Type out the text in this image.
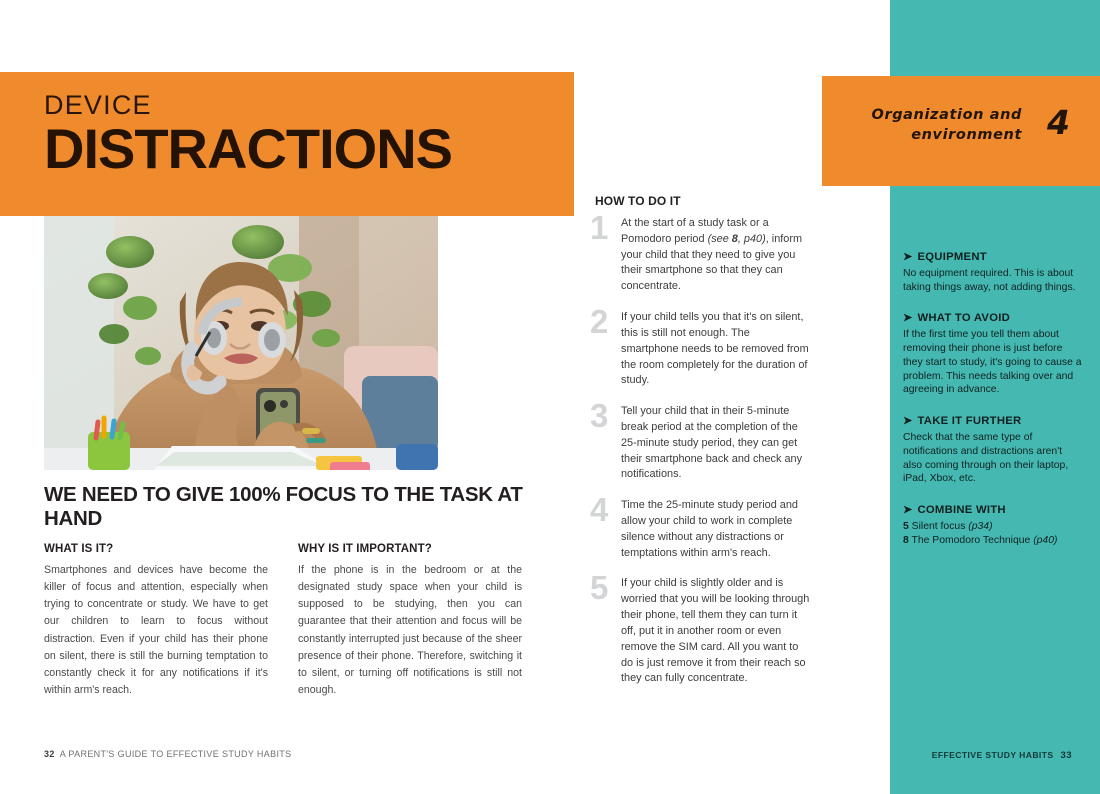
DEVICE
DISTRACTIONS
WE NEED TO GIVE 100% FOCUS TO THE TASK AT HAND
WHAT IS IT?

Smartphones and devices have become the killer of focus and attention, especially when trying to concentrate or study. We have to get our children to learn to focus without distraction. Even if your child has their phone on silent, there is still the burning temptation to constantly check it for any notifications if it's within arm's reach.

WHY IS IT IMPORTANT?

If the phone is in the bedroom or at the designated study space when your child is supposed to be studying, then you can guarantee that their attention and focus will be constantly interrupted just because of the sheer presence of their phone. Therefore, switching it to silent, or turning off notifications is still not enough.

32 A PARENT'S GUIDE TO EFFECTIVE STUDY HABITS
HOW TO DO IT
1 At the start of a study task or a Pomodoro period (see 8, p40), inform your child that they need to give you their smartphone so that they can concentrate.

2 If your child tells you that it's on silent, this is still not enough. The smartphone needs to be removed from the room completely for the duration of study.

3 Tell your child that in their 5-minute break period at the completion of the 25-minute study period, they can get their smartphone back and check any notifications.

4 Time the 25-minute study period and allow your child to work in complete silence without any distractions or temptations within arm's reach.

5 If your child is slightly older and is worried that you will be looking through their phone, tell them they can turn it off, put it in another room or even remove the SIM card. All you want to do is just remove it from their reach so they can fully concentrate.

Organization and environment 4
➤ EQUIPMENT

No equipment required. This is about taking things away, not adding things.

➤ WHAT TO AVOID

If the first time you tell them about removing their phone is just before they start to study, it's going to cause a problem. This needs talking over and agreeing in advance.

➤ TAKE IT FURTHER

Check that the same type of notifications and distractions aren't also coming through on their laptop, iPad, Xbox, etc.

➤ COMBINE WITH
5 Silent focus (p34)
8 The Pomodoro Technique (p40)
EFFECTIVE STUDY HABITS 33
